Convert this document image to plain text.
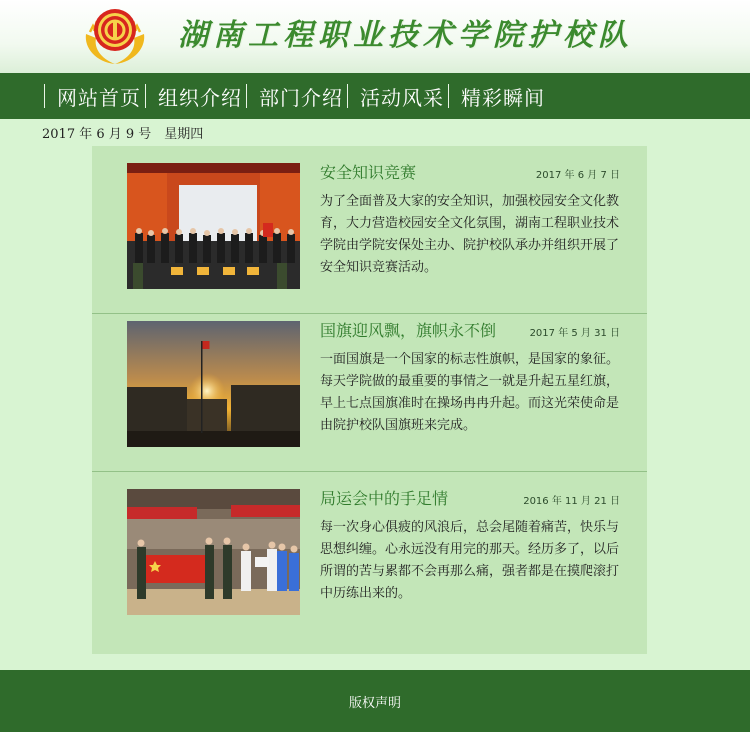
湖南工程职业技术学院护校队
网站首页 组织介绍 部门介绍 活动风采 精彩瞬间
2017 年 6 月 9 号　星期四
安全知识竞赛	2017 年 6 月 7 日
为了全面普及大家的安全知识，加强校园安全文化教育，大力营造校园安全文化氛围，湖南工程职业技术学院由学院安保处主办、院护校队承办并组织开展了安全知识竞赛活动。
国旗迎风飘，旗帜永不倒	2017 年 5 月 31 日
一面国旗是一个国家的标志性旗帜，是国家的象征。每天学院做的最重要的事情之一就是升起五星红旗，早上七点国旗准时在操场冉冉升起。而这光荣使命是由院护校队国旗班来完成。
局运会中的手足情	2016 年 11 月 21 日
每一次身心俱疲的风浪后，总会尾随着痛苦，快乐与思想纠缠。心永远没有用完的那天。经历多了，以后所谓的苦与累都不会再那么痛，强者都是在摸爬滚打中历练出来的。
版权声明
